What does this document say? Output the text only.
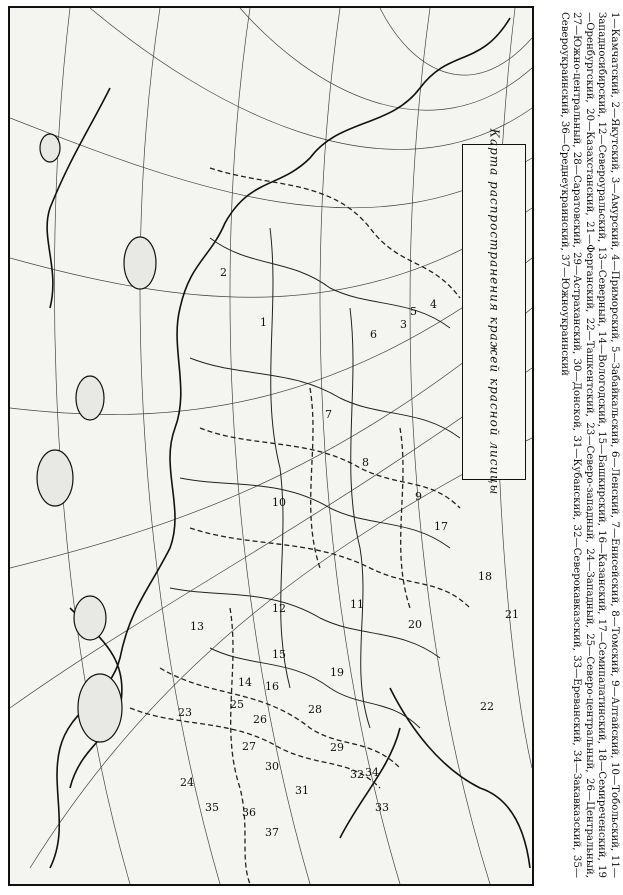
1
2
3
4
5
6
7
8
9
10
11
12
13
14
15
16
17
18
19
20
21
22
23
24
25
26
27
28
29
30
31
32
33
34
35 36
37
Карта распространения кражей красной лисицы	1—Камчатский, 2—Якутский, 3—Амурский, 4—Приморский, 5—Забайкальский, 6—Ленский, 7—Енисейский, 8—Томский, 9—Алтайский, 10—Тобольский, 11—Западносибирский, 12—Североуральский, 13—Северный, 14—Вологодский, 15—Башкирский, 16—Казанский, 17—Семипалатинский, 18—Семиреченский, 19—Оренбургский, 20—Казахстанский, 21—Ферганский, 22—Ташкентский, 23—Северо-западный, 24—Западный, 25—Северо-центральный, 26—Центральный, 27—Южно-центральный, 28—Саратовский, 29—Астраханский, 30—Донской, 31—Кубанский, 32—Северокавказский, 33—Ереванский, 34—Закавказский, 35—Североукраинский, 36—Среднеукраинский, 37—Южноукраинский
